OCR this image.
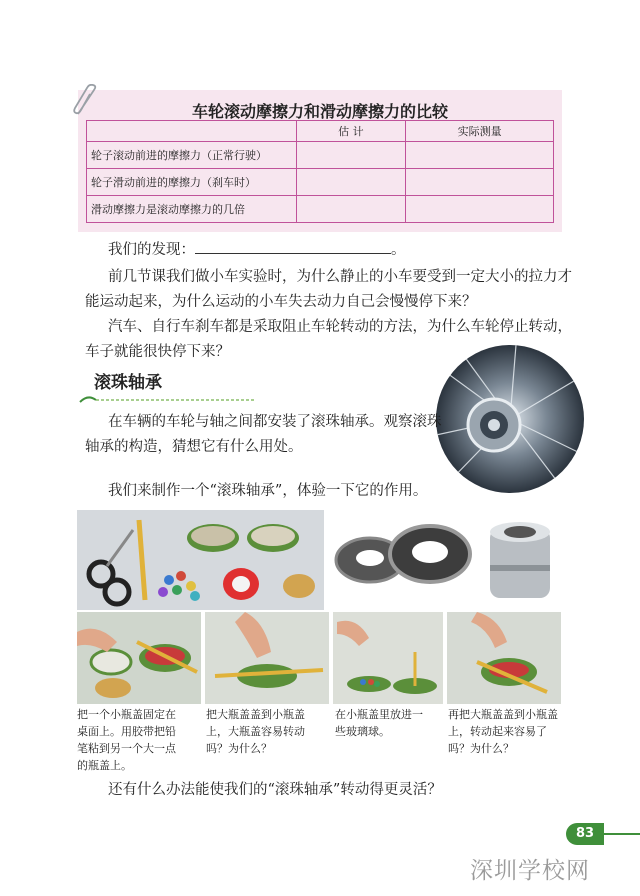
车轮滚动摩擦力和滑动摩擦力的比较
	估 计	实际测量
轮子滚动前进的摩擦力（正常行驶）		
轮子滑动前进的摩擦力（刹车时）		
滑动摩擦力是滚动摩擦力的几倍		
我们的发现：	。
前几节课我们做小车实验时，为什么静止的小车要受到一定大小的拉力才
能运动起来，为什么运动的小车失去动力自己会慢慢停下来？
汽车、自行车刹车都是采取阻止车轮转动的方法，为什么车轮停止转动，
车子就能很快停下来？
滚珠轴承
在车辆的车轮与轴之间都安装了滚珠轴承。观察滚珠
轴承的构造，猜想它有什么用处。
我们来制作一个“滚珠轴承”，体验一下它的作用。
把一个小瓶盖固定在
桌面上。用胶带把铅
笔粘到另一个大一点
的瓶盖上。
把大瓶盖盖到小瓶盖
上，大瓶盖容易转动
吗？为什么？
在小瓶盖里放进一
些玻璃球。
再把大瓶盖盖到小瓶盖
上，转动起来容易了
吗？为什么？
还有什么办法能使我们的“滚珠轴承”转动得更灵活？
83
深圳学校网
